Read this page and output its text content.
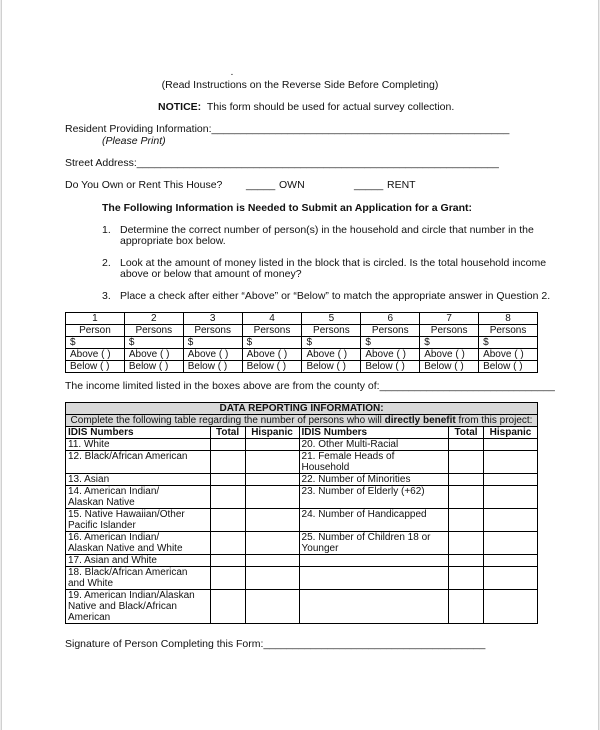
.
(Read Instructions on the Reverse Side Before Completing)
NOTICE: This form should be used for actual survey collection.
Resident Providing Information:___________________________________________________
(Please Print)
Street Address:______________________________________________________________
Do You Own or Rent This House? _____ OWN	_____ RENT
The Following Information is Needed to Submit an Application for a Grant:
1. Determine the correct number of person(s) in the household and circle that number in the
appropriate box below.
2. Look at the amount of money listed in the block that is circled. Is the total household income
above or below that amount of money?
3. Place a check after either “Above” or “Below” to match the appropriate answer in Question 2.
1	2	3	4	5	6	7	8
Person	Persons	Persons	Persons	Persons	Persons	Persons	Persons
$	$	$	$	$	$	$	$
Above ( )	Above ( )	Above ( )	Above ( )	Above ( )	Above ( )	Above ( )	Above ( )
Below ( )	Below ( )	Below ( )	Below ( )	Below ( )	Below ( )	Below ( )	Below ( )
The income limited listed in the boxes above are from the county of:______________________________
DATA REPORTING INFORMATION:					
Complete the following table regarding the number of persons who will directly benefit from this project:					
IDIS Numbers	Total	Hispanic	IDIS Numbers	Total	Hispanic
11. White			20. Other Multi-Racial		
12. Black/African American			21. Female Heads of
Household		
13. Asian			22. Number of Minorities		
14. American Indian/
Alaskan Native			23. Number of Elderly (+62)		
15. Native Hawaiian/Other
Pacific Islander			24. Number of Handicapped		
16. American Indian/
Alaskan Native and White			25. Number of Children 18 or
Younger		
17. Asian and White					
18. Black/African American
and White					
19. American Indian/Alaskan
Native and Black/African
American					
Signature of Person Completing this Form:______________________________________
